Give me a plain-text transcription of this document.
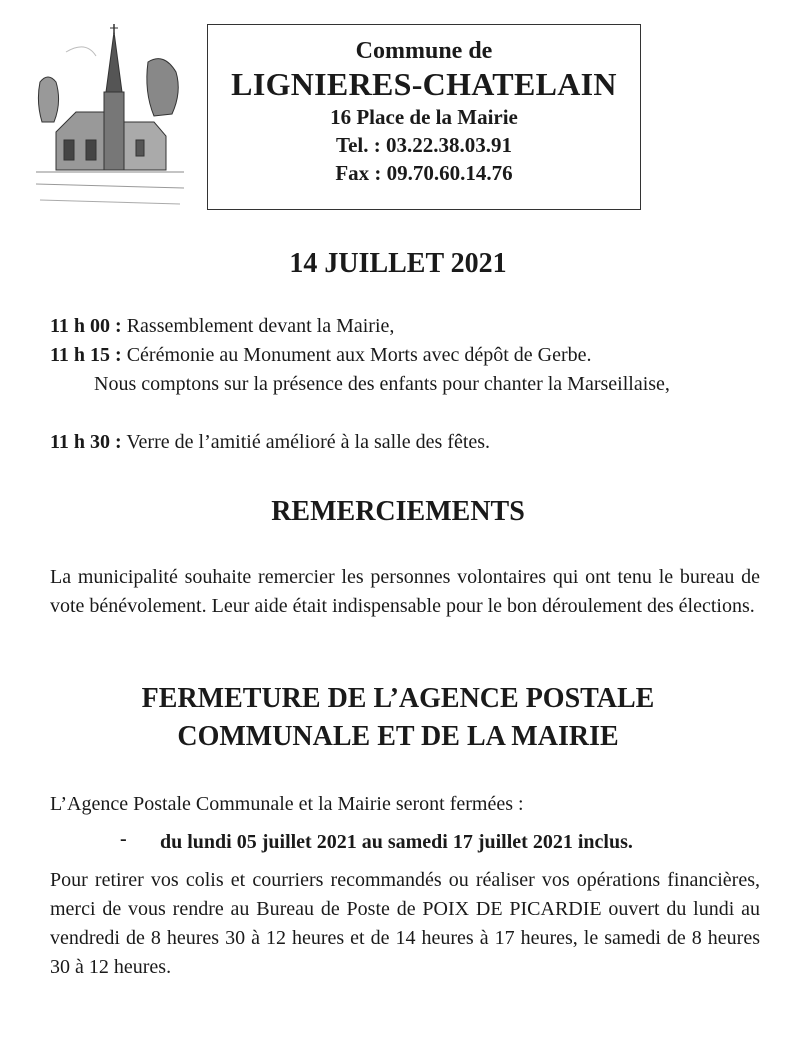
Commune de
LIGNIERES-CHATELAIN
16 Place de la Mairie
Tel. : 03.22.38.03.91
Fax : 09.70.60.14.76
14 JUILLET 2021
11 h 00 : Rassemblement devant la Mairie,
11 h 15 : Cérémonie au Monument aux Morts avec dépôt de Gerbe.
Nous comptons sur la présence des enfants pour chanter la Marseillaise,
11 h 30 : Verre de l’amitié amélioré à la salle des fêtes.
REMERCIEMENTS
La municipalité souhaite remercier les personnes volontaires qui ont tenu le bureau de vote bénévolement. Leur aide était indispensable pour le bon déroulement des élections.
FERMETURE DE L’AGENCE POSTALE
COMMUNALE ET DE LA MAIRIE
L’Agence Postale Communale et la Mairie seront fermées :
- du lundi 05 juillet 2021 au samedi 17 juillet 2021 inclus.
Pour retirer vos colis et courriers recommandés ou réaliser vos opérations financières, merci de vous rendre au Bureau de Poste de POIX DE PICARDIE ouvert du lundi au vendredi de 8 heures 30 à 12 heures et de 14 heures à 17 heures, le samedi de 8 heures 30 à 12 heures.
